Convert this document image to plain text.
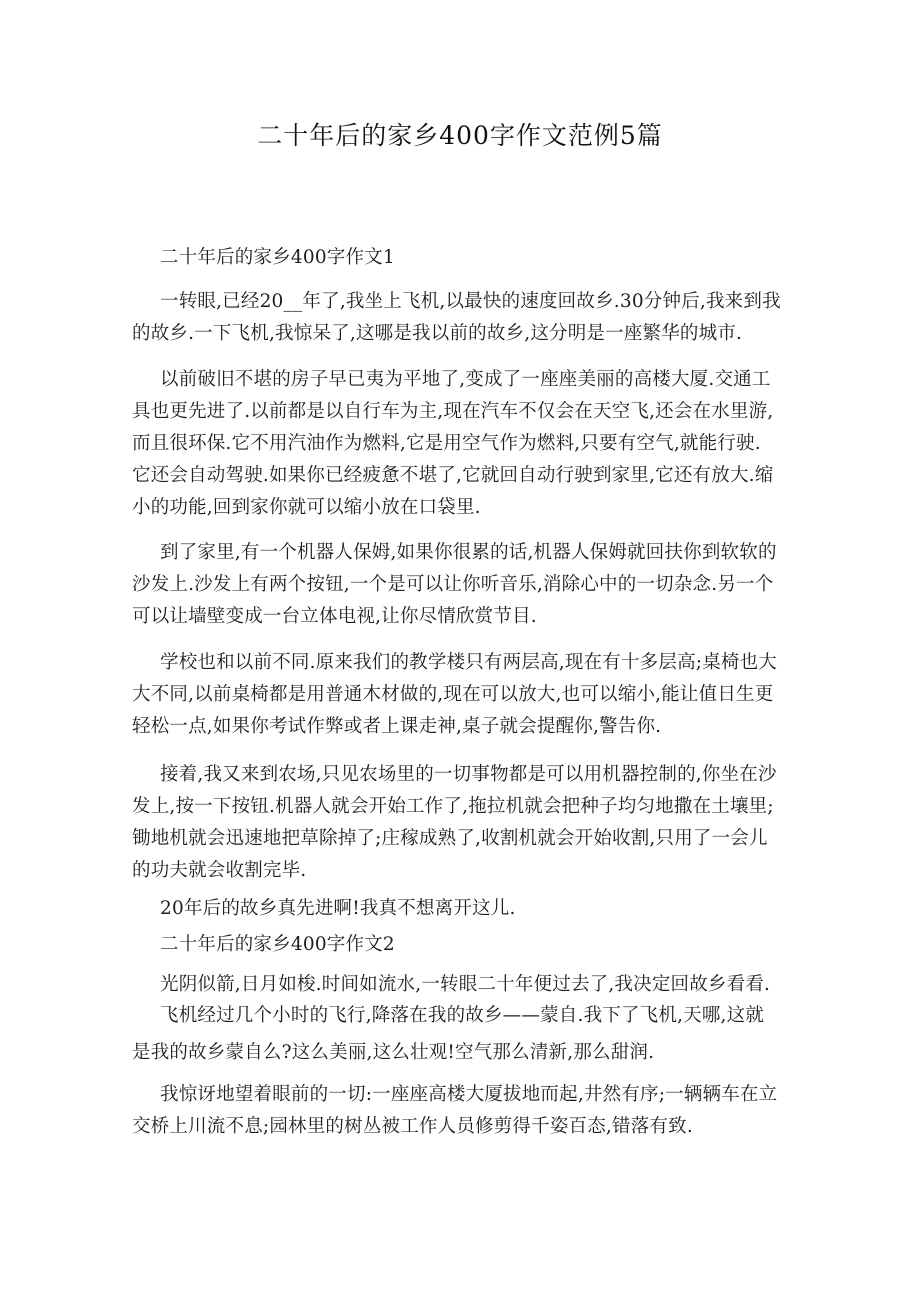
二十年后的家乡400字作文范例5篇
二十年后的家乡400字作文1
一转眼,已经20__年了,我坐上飞机,以最快的速度回故乡.30分钟后,我来到我
的故乡.一下飞机,我惊呆了,这哪是我以前的故乡,这分明是一座繁华的城市.
以前破旧不堪的房子早已夷为平地了,变成了一座座美丽的高楼大厦.交通工
具也更先进了.以前都是以自行车为主,现在汽车不仅会在天空飞,还会在水里游,
而且很环保.它不用汽油作为燃料,它是用空气作为燃料,只要有空气,就能行驶.
它还会自动驾驶.如果你已经疲惫不堪了,它就回自动行驶到家里,它还有放大.缩
小的功能,回到家你就可以缩小放在口袋里.
到了家里,有一个机器人保姆,如果你很累的话,机器人保姆就回扶你到软软的
沙发上.沙发上有两个按钮,一个是可以让你听音乐,消除心中的一切杂念.另一个
可以让墙壁变成一台立体电视,让你尽情欣赏节目.
学校也和以前不同.原来我们的教学楼只有两层高,现在有十多层高;桌椅也大
大不同,以前桌椅都是用普通木材做的,现在可以放大,也可以缩小,能让值日生更
轻松一点,如果你考试作弊或者上课走神,桌子就会提醒你,警告你.
接着,我又来到农场,只见农场里的一切事物都是可以用机器控制的,你坐在沙
发上,按一下按钮.机器人就会开始工作了,拖拉机就会把种子均匀地撒在土壤里;
锄地机就会迅速地把草除掉了;庄稼成熟了,收割机就会开始收割,只用了一会儿
的功夫就会收割完毕.
20年后的故乡真先进啊!我真不想离开这儿.
二十年后的家乡400字作文2
光阴似箭,日月如梭.时间如流水,一转眼二十年便过去了,我决定回故乡看看.
飞机经过几个小时的飞行,降落在我的故乡——蒙自.我下了飞机,天哪,这就
是我的故乡蒙自么?这么美丽,这么壮观!空气那么清新,那么甜润.
我惊讶地望着眼前的一切:一座座高楼大厦拔地而起,井然有序;一辆辆车在立
交桥上川流不息;园林里的树丛被工作人员修剪得千姿百态,错落有致.
